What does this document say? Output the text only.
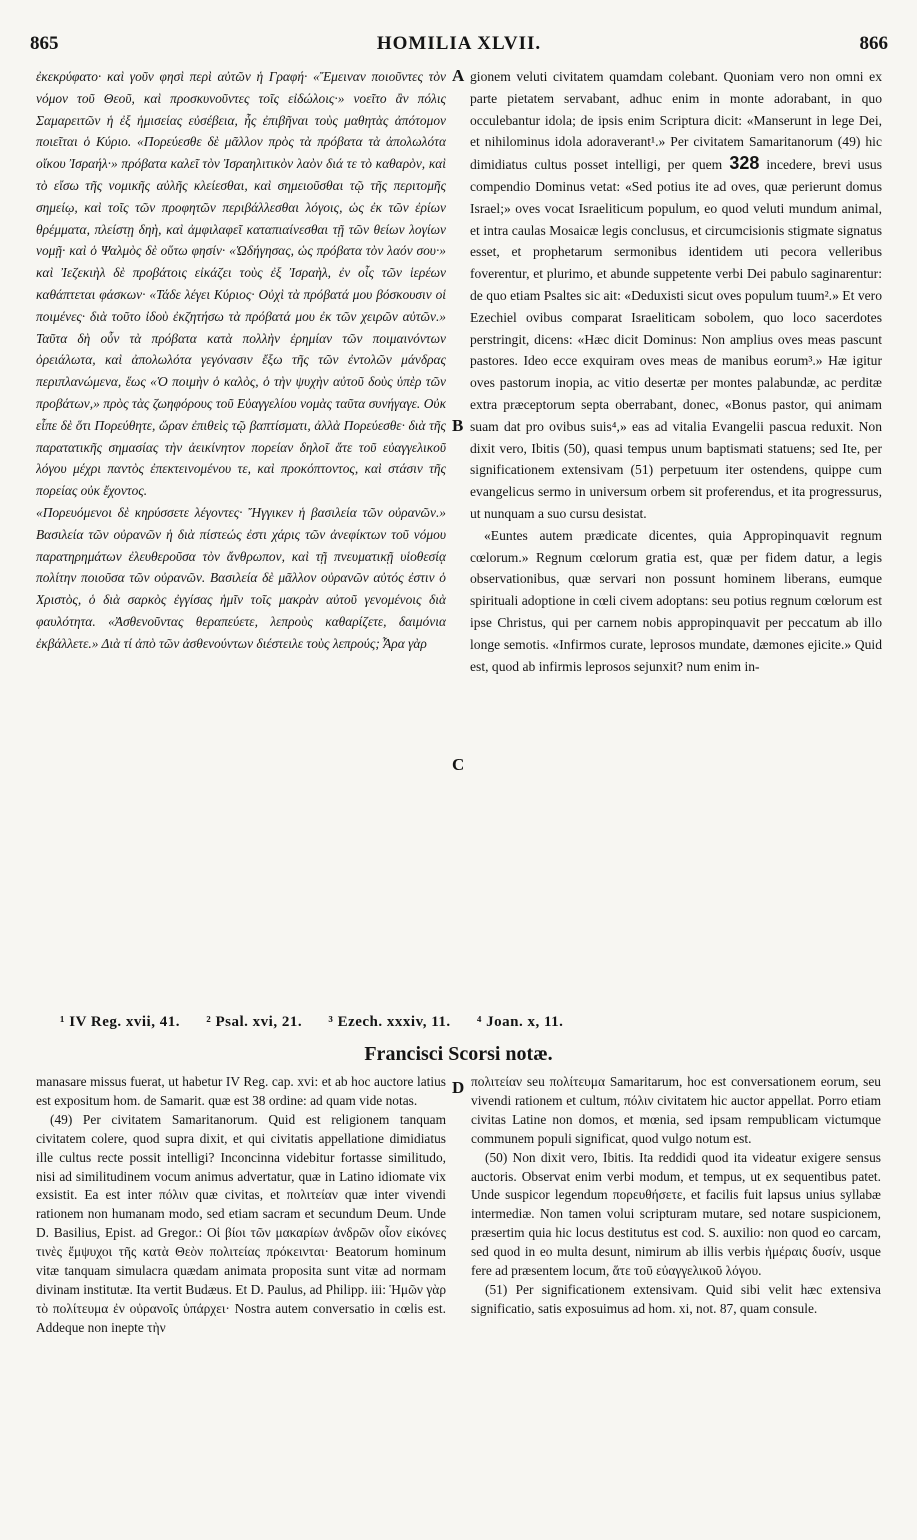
865	HOMILIA XLVII.	866

ἐκεκρύφατο· καὶ γοῦν φησὶ περὶ αὐτῶν ἡ Γραφή· «Ἔμειναν ποιοῦντες τὸν νόμον τοῦ Θεοῦ, καὶ προσκυνοῦντες τοῖς εἰδώλοις·» νοεῖτο ἂν πόλις Σαμαρειτῶν ἡ ἐξ ἡμισείας εὐσέβεια, ἧς ἐπιβῆναι τοὺς μαθητὰς ἀπότομον ποιεῖται ὁ Κύριο. «Πορεύεσθε δὲ μᾶλλον πρὸς τὰ πρόβατα τὰ ἀπολωλότα οἴκου Ἰσραήλ·» πρόβατα καλεῖ τὸν Ἰσραηλιτικὸν λαὸν διά τε τὸ καθαρὸν, καὶ τὸ εἴσω τῆς νομικῆς αὐλῆς κλείεσθαι, καὶ σημειοῦσθαι τῷ τῆς περιτομῆς σημείῳ, καὶ τοῖς τῶν προφητῶν περιβάλλεσθαι λόγοις, ὡς ἐκ τῶν ἐρίων θρέμματα, πλείστῃ δηὴ, καὶ ἀμφιλαφεῖ καταπιαίνεσθαι τῇ τῶν θείων λογίων νομῇ· καὶ ὁ Ψαλμὸς δὲ οὕτω φησίν· «Ὡδήγησας, ὡς πρόβατα τὸν λαόν σου·» καὶ Ἰεζεκιὴλ δὲ προβάτοις εἰκάζει τοὺς ἐξ Ἰσραὴλ, ἐν οἷς τῶν ἱερέων καθάπτεται φάσκων· «Τάδε λέγει Κύριος· Οὐχὶ τὰ πρόβατά μου βόσκουσιν οἱ ποιμένες· διὰ τοῦτο ἰδοὺ ἐκζητήσω τὰ πρόβατά μου ἐκ τῶν χειρῶν αὐτῶν.» Ταῦτα δὴ οὖν τὰ πρόβατα κατὰ πολλὴν ἐρημίαν τῶν ποιμαινόντων ὀρειάλωτα, καὶ ἀπολωλότα γεγόνασιν ἔξω τῆς τῶν ἐντολῶν μάνδρας περιπλανώμενα, ἕως «Ὁ ποιμὴν ὁ καλὸς, ὁ τὴν ψυχὴν αὐτοῦ δοὺς ὑπὲρ τῶν προβάτων,» πρὸς τὰς ζωηφόρους τοῦ Εὐαγγελίου νομὰς ταῦτα συνήγαγε. Οὐκ εἶπε δὲ ὅτι Πορεύθητε, ὥραν ἐπιθεὶς τῷ βαπτίσματι, ἀλλὰ Πορεύεσθε· διὰ τῆς παρατατικῆς σημασίας τὴν ἀεικίνητον πορείαν δηλοῖ ἅτε τοῦ εὐαγγελικοῦ λόγου μέχρι παντὸς ἐπεκτεινομένου τε, καὶ προκόπτοντος, καὶ στάσιν τῆς πορείας οὐκ ἔχοντος.

«Πορευόμενοι δὲ κηρύσσετε λέγοντες· Ἤγγικεν ἡ βασιλεία τῶν οὐρανῶν.» Βασιλεία τῶν οὐρανῶν ἡ διὰ πίστεώς ἐστι χάρις τῶν ἀνεφίκτων τοῦ νόμου παρατηρημάτων ἐλευθεροῦσα τὸν ἄνθρωπον, καὶ τῇ πνευματικῇ υἱοθεσίᾳ πολίτην ποιοῦσα τῶν οὐρανῶν. Βασιλεία δὲ μᾶλλον οὐρανῶν αὐτός ἐστιν ὁ Χριστὸς, ὁ διὰ σαρκὸς ἐγγίσας ἡμῖν τοῖς μακρὰν αὐτοῦ γενομένοις διὰ φαυλότητα. «Ἀσθενοῦντας θεραπεύετε, λεπροὺς καθαρίζετε, δαιμόνια ἐκβάλλετε.» Διὰ τί ἀπὸ τῶν ἀσθενούντων διέστειλε τοὺς λεπρούς; Ἆρα γὰρ

A
B
C
D

gionem veluti civitatem quamdam colebant. Quoniam vero non omni ex parte pietatem servabant, adhuc enim in monte adorabant, in quo occulebantur idola; de ipsis enim Scriptura dicit: «Manserunt in lege Dei, et nihilominus idola adoraverant¹.» Per civitatem Samaritanorum (49) hic dimidiatus cultus posset intelligi, per quem 328 incedere, brevi usus compendio Dominus vetat: «Sed potius ite ad oves, quæ perierunt domus Israel;» oves vocat Israeliticum populum, eo quod veluti mundum animal, et intra caulas Mosaicæ legis conclusus, et circumcisionis stigmate signatus esset, et prophetarum sermonibus identidem uti pecora velleribus foverentur, et plurimo, et abunde suppetente verbi Dei pabulo saginarentur: de quo etiam Psaltes sic ait: «Deduxisti sicut oves populum tuum².» Et vero Ezechiel ovibus comparat Israeliticam sobolem, quo loco sacerdotes perstringit, dicens: «Hæc dicit Dominus: Non amplius oves meas pascunt pastores. Ideo ecce exquiram oves meas de manibus eorum³.» Hæ igitur oves pastorum inopia, ac vitio desertæ per montes palabundæ, ac perditæ extra præceptorum septa oberrabant, donec, «Bonus pastor, qui animam suam dat pro ovibus suis⁴,» eas ad vitalia Evangelii pascua reduxit. Non dixit vero, Ibitis (50), quasi tempus unum baptismati statuens; sed Ite, per significationem extensivam (51) perpetuum iter ostendens, quippe cum evangelicus sermo in universum orbem sit proferendus, et ita progressurus, ut nunquam a suo cursu desistat.

«Euntes autem prædicate dicentes, quia Appropinquavit regnum cœlorum.» Regnum cœlorum gratia est, quæ per fidem datur, a legis observationibus, quæ servari non possunt hominem liberans, eumque spirituali adoptione in cœli civem adoptans: seu potius regnum cœlorum est ipse Christus, qui per carnem nobis appropinquavit per peccatum ab illo longe semotis. «Infirmos curate, leprosos mundate, dæmones ejicite.» Quid est, quod ab infirmis leprosos sejunxit? num enim in-

¹ IV Reg. xvii, 41. ² Psal. xvi, 21. ³ Ezech. xxxiv, 11. ⁴ Joan. x, 11.
Francisci Scorsi notæ.

manasare missus fuerat, ut habetur IV Reg. cap. xvi: et ab hoc auctore latius est expositum hom. de Samarit. quæ est 38 ordine: ad quam vide notas.

(49) Per civitatem Samaritanorum. Quid est religionem tanquam civitatem colere, quod supra dixit, et qui civitatis appellatione dimidiatus ille cultus recte possit intelligi? Inconcinna videbitur fortasse similitudo, nisi ad similitudinem vocum animus advertatur, quæ in Latino idiomate vix exsistit. Ea est inter πόλιν quæ civitas, et πολιτείαν quæ inter vivendi rationem non humanam modo, sed etiam sacram et secundum Deum. Unde D. Basilius, Epist. ad Gregor.: Οἱ βίοι τῶν μακαρίων ἀνδρῶν οἷον εἰκόνες τινὲς ἔμψυχοι τῆς κατὰ Θεὸν πολιτείας πρόκεινται· Beatorum hominum vitæ tanquam simulacra quædam animata proposita sunt vitæ ad normam divinam institutæ. Ita vertit Budæus. Et D. Paulus, ad Philipp. iii: Ἡμῶν γὰρ τὸ πολίτευμα ἐν οὐρανοῖς ὑπάρχει· Nostra autem conversatio in cœlis est. Addeque non inepte τὴν

πολιτείαν seu πολίτευμα Samaritarum, hoc est conversationem eorum, seu vivendi rationem et cultum, πόλιν civitatem hic auctor appellat. Porro etiam civitas Latine non domos, et mœnia, sed ipsam rempublicam victumque communem populi significat, quod vulgo notum est.

(50) Non dixit vero, Ibitis. Ita reddidi quod ita videatur exigere sensus auctoris. Observat enim verbi modum, et tempus, ut ex sequentibus patet. Unde suspicor legendum πορευθήσετε, et facilis fuit lapsus unius syllabæ intermediæ. Non tamen volui scripturam mutare, sed notare suspicionem, præsertim quia hic locus destitutus est cod. S. auxilio: non quod eo carcam, sed quod in eo multa desunt, nimirum ab illis verbis ἡμέραις δυσίν, usque fere ad præsentem locum, ἅτε τοῦ εὐαγγελικοῦ λόγου.

(51) Per significationem extensivam. Quid sibi velit hæc extensiva significatio, satis exposuimus ad hom. xi, not. 87, quam consule.
